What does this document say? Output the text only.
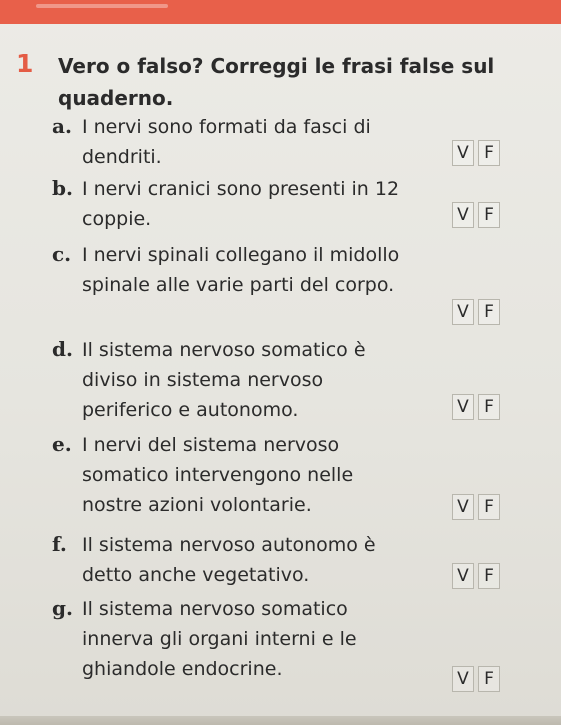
1 Vero o falso? Correggi le frasi false sul quaderno.

a. I nervi sono formati da fasci di dendriti.	V F
b. I nervi cranici sono presenti in 12 coppie.	V F
c. I nervi spinali collegano il midollo spinale alle varie parti del corpo.

V F
d. Il sistema nervoso somatico è diviso in sistema nervoso periferico e autonomo.	V F
e. I nervi del sistema nervoso somatico intervengono nelle nostre azioni volontarie.	V F
f. Il sistema nervoso autonomo è detto anche vegetativo.	V F
g. Il sistema nervoso somatico innerva gli organi interni e le ghiandole endocrine.	V F
